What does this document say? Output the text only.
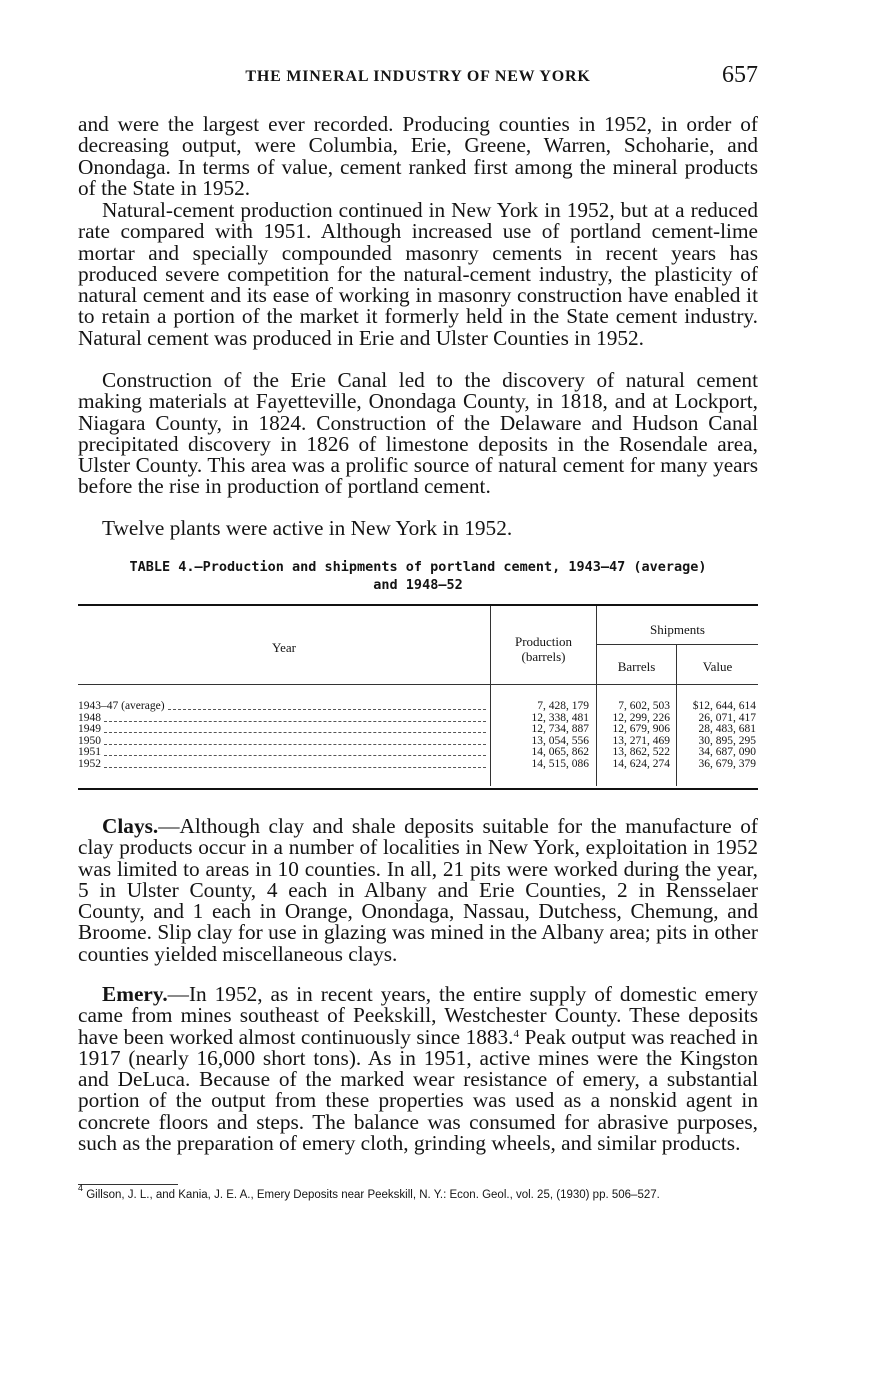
THE MINERAL INDUSTRY OF NEW YORK	657

and were the largest ever recorded. Producing counties in 1952, in order of decreasing output, were Columbia, Erie, Greene, Warren, Schoharie, and Onondaga. In terms of value, cement ranked first among the mineral products of the State in 1952.

Natural-cement production continued in New York in 1952, but at a reduced rate compared with 1951. Although increased use of portland cement-lime mortar and specially compounded masonry cements in recent years has produced severe competition for the natural-cement industry, the plasticity of natural cement and its ease of working in masonry construction have enabled it to retain a portion of the market it formerly held in the State cement industry. Natural cement was produced in Erie and Ulster Counties in 1952.

Construction of the Erie Canal led to the discovery of natural cement making materials at Fayetteville, Onondaga County, in 1818, and at Lockport, Niagara County, in 1824. Construction of the Delaware and Hudson Canal precipitated discovery in 1826 of limestone deposits in the Rosendale area, Ulster County. This area was a prolific source of natural cement for many years before the rise in production of portland cement.

Twelve plants were active in New York in 1952.

TABLE 4.—Production and shipments of portland cement, 1943–47 (average)
and 1948–52
Year	Production
(barrels)
Shipments
Barrels	Value
1943–47 (average)	7, 428, 179	7, 602, 503	$12, 644, 614
1948	12, 338, 481	12, 299, 226	26, 071, 417
1949	12, 734, 887	12, 679, 906	28, 483, 681
1950	13, 054, 556	13, 271, 469	30, 895, 295
1951	14, 065, 862	13, 862, 522	34, 687, 090
1952	14, 515, 086	14, 624, 274	36, 679, 379

Clays.—Although clay and shale deposits suitable for the manufacture of clay products occur in a number of localities in New York, exploitation in 1952 was limited to areas in 10 counties. In all, 21 pits were worked during the year, 5 in Ulster County, 4 each in Albany and Erie Counties, 2 in Rensselaer County, and 1 each in Orange, Onondaga, Nassau, Dutchess, Chemung, and Broome. Slip clay for use in glazing was mined in the Albany area; pits in other counties yielded miscellaneous clays.

Emery.—In 1952, as in recent years, the entire supply of domestic emery came from mines southeast of Peekskill, Westchester County. These deposits have been worked almost continuously since 1883.$^4$ Peak output was reached in 1917 (nearly 16,000 short tons). As in 1951, active mines were the Kingston and DeLuca. Because of the marked wear resistance of emery, a substantial portion of the output from these properties was used as a nonskid agent in concrete floors and steps. The balance was consumed for abrasive purposes, such as the preparation of emery cloth, grinding wheels, and similar products.

$^4$ Gillson, J. L., and Kania, J. E. A., Emery Deposits near Peekskill, N. Y.: Econ. Geol., vol. 25, (1930) pp. 506–527.
